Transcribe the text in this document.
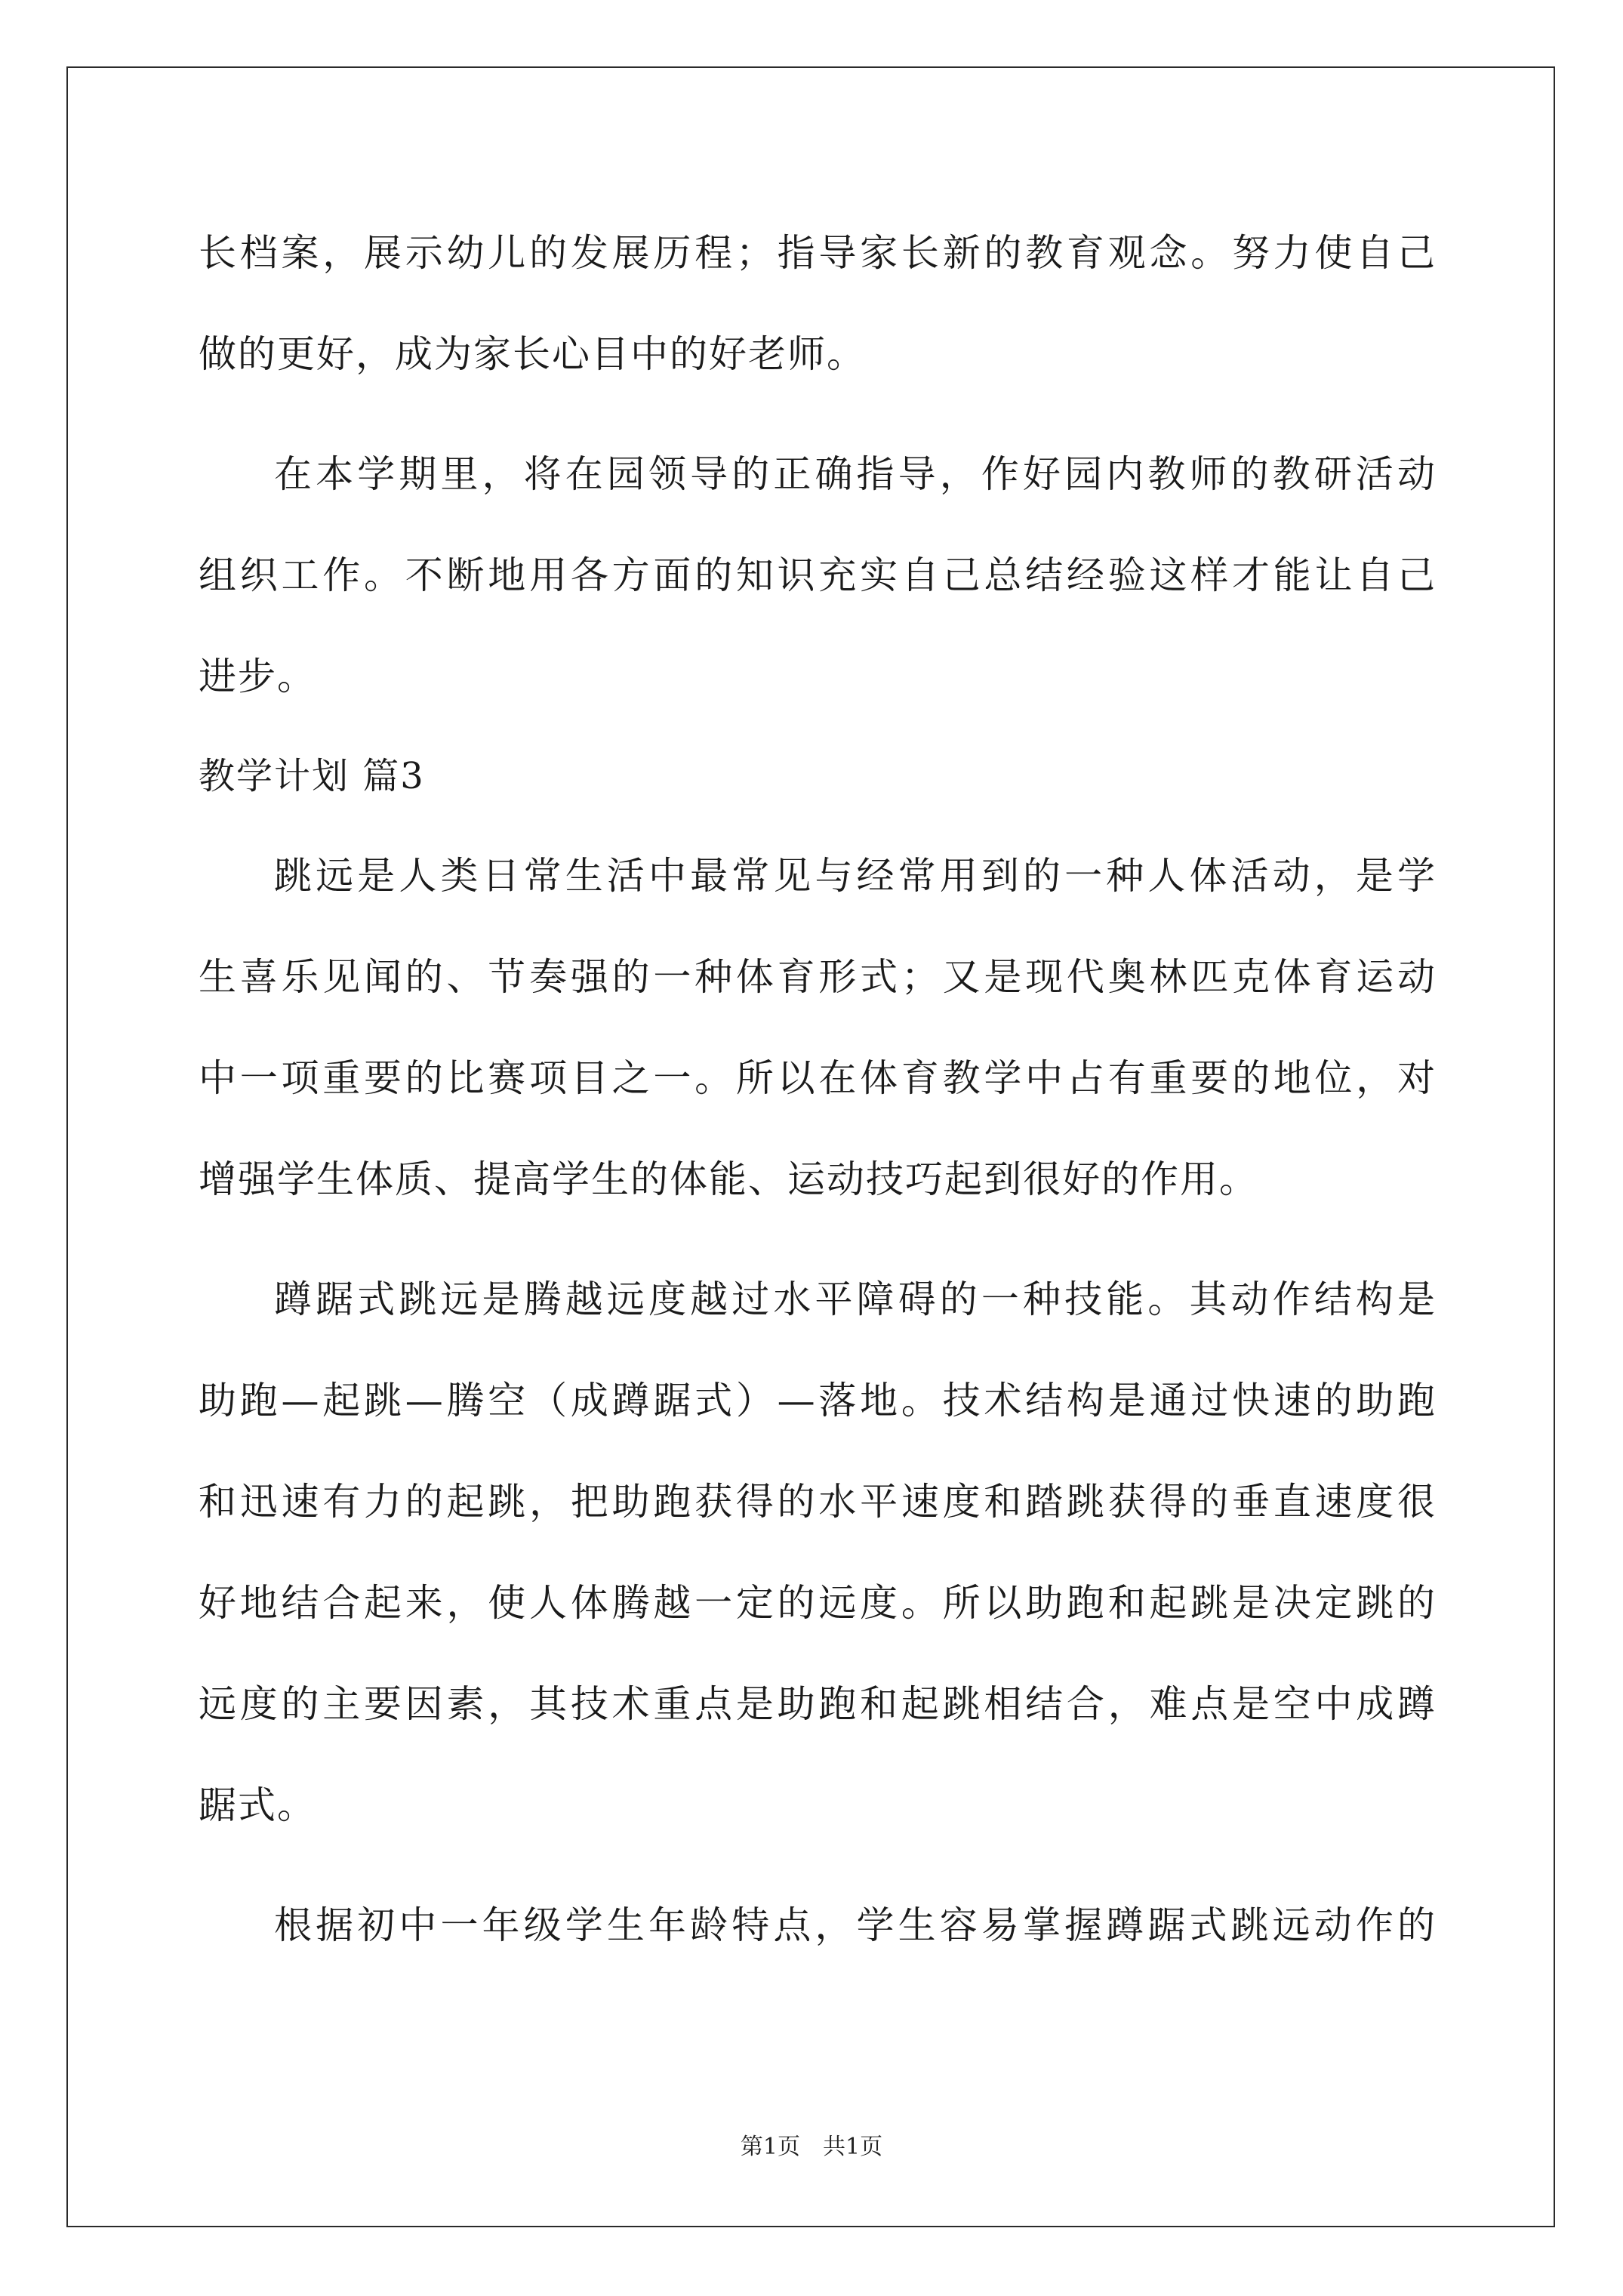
长档案，展示幼儿的发展历程；指导家长新的教育观念。努力使自己
做的更好，成为家长心目中的好老师。
在本学期里，将在园领导的正确指导，作好园内教师的教研活动
组织工作。不断地用各方面的知识充实自己总结经验这样才能让自己
进步。
教学计划 篇3
跳远是人类日常生活中最常见与经常用到的一种人体活动，是学
生喜乐见闻的、节奏强的一种体育形式；又是现代奥林匹克体育运动
中一项重要的比赛项目之一。所以在体育教学中占有重要的地位，对
增强学生体质、提高学生的体能、运动技巧起到很好的作用。
蹲踞式跳远是腾越远度越过水平障碍的一种技能。其动作结构是
助跑—起跳—腾空（成蹲踞式）—落地。技术结构是通过快速的助跑
和迅速有力的起跳，把助跑获得的水平速度和踏跳获得的垂直速度很
好地结合起来，使人体腾越一定的远度。所以助跑和起跳是决定跳的
远度的主要因素，其技术重点是助跑和起跳相结合，难点是空中成蹲
踞式。
根据初中一年级学生年龄特点，学生容易掌握蹲踞式跳远动作的
第1页　共1页
